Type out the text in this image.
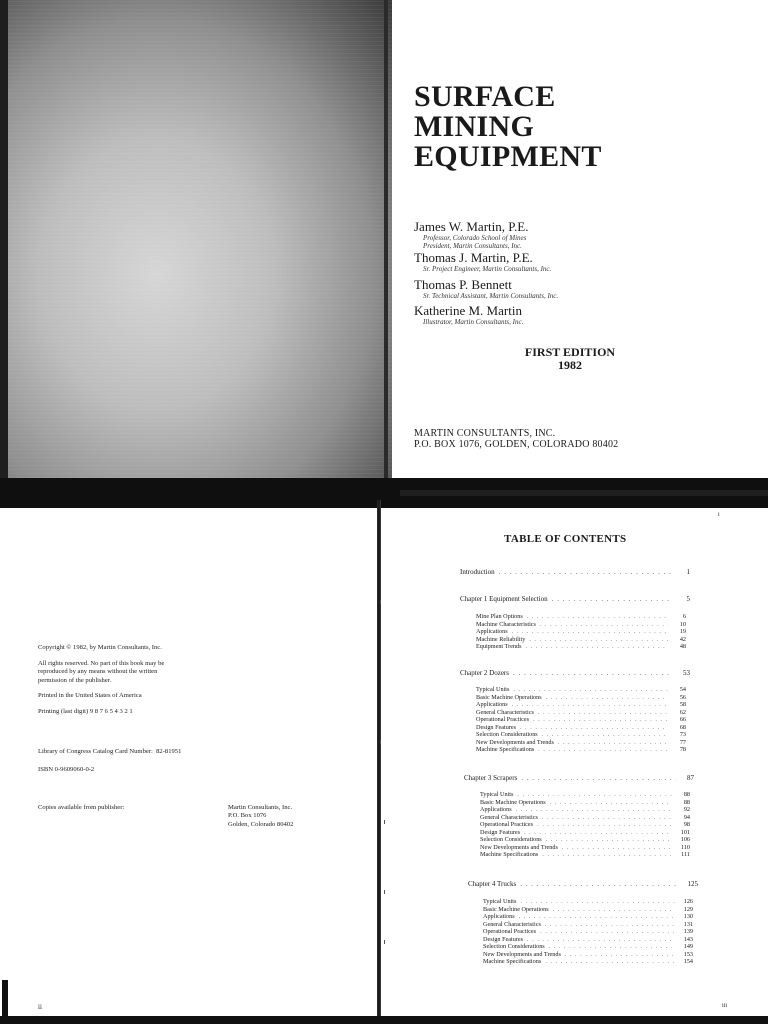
SURFACE
MINING
EQUIPMENT
James W. Martin, P.E.
Professor, Colorado School of Mines
President, Martin Consultants, Inc.
Thomas J. Martin, P.E.
Sr. Project Engineer, Martin Consultants, Inc.
Thomas P. Bennett
Sr. Technical Assistant, Martin Consultants, Inc.
Katherine M. Martin
Illustrator, Martin Consultants, Inc.
FIRST EDITION
1982
MARTIN CONSULTANTS, INC.
P.O. BOX 1076, GOLDEN, COLORADO 80402
i
Copyright © 1982, by Martin Consultants, Inc.
All rights reserved. No part of this book may be
reproduced by any means without the written
permission of the publisher.
Printed in the United States of America
Printing (last digit) 9 8 7 6 5 4 3 2 1
Library of Congress Catalog Card Number: 82-81951
ISBN 0-9609060-0-2
Copies available from publisher:	Martin Consultants, Inc.
P.O. Box 1076
Golden, Colorado 80402
ii
TABLE OF CONTENTS
Introduction . . .	1
Chapter 1 Equipment Selection . . .	5
Mine Plan Options . . .	6
Machine Characteristics . . .	10
Applications . . .	19
Machine Reliability . . .	42
Equipment Trends . . .	48
Chapter 2 Dozers . . .	53
Typical Units . . .	54
Basic Machine Operations . . .	56
Applications . . .	58
General Characteristics . . .	62
Operational Practices . . .	66
Design Features . . .	68
Selection Considerations . . .	73
New Developments and Trends . . .	77
Machine Specifications . . .	78
Chapter 3 Scrapers . . .	87
Typical Units . . .	88
Basic Machine Operations . . .	88
Applications . . .	92
General Characteristics . . .	94
Operational Practices . . .	98
Design Features . . .	101
Selection Considerations . . .	106
New Developments and Trends . . .	110
Machine Specifications . . .	111
Chapter 4 Trucks . . .	125
Typical Units . . .	126
Basic Machine Operations . . .	129
Applications . . .	130
General Characteristics . . .	131
Operational Practices . . .	139
Design Features . . .	143
Selection Considerations . . .	149
New Developments and Trends . . .	153
Machine Specifications . . .	154
iii
